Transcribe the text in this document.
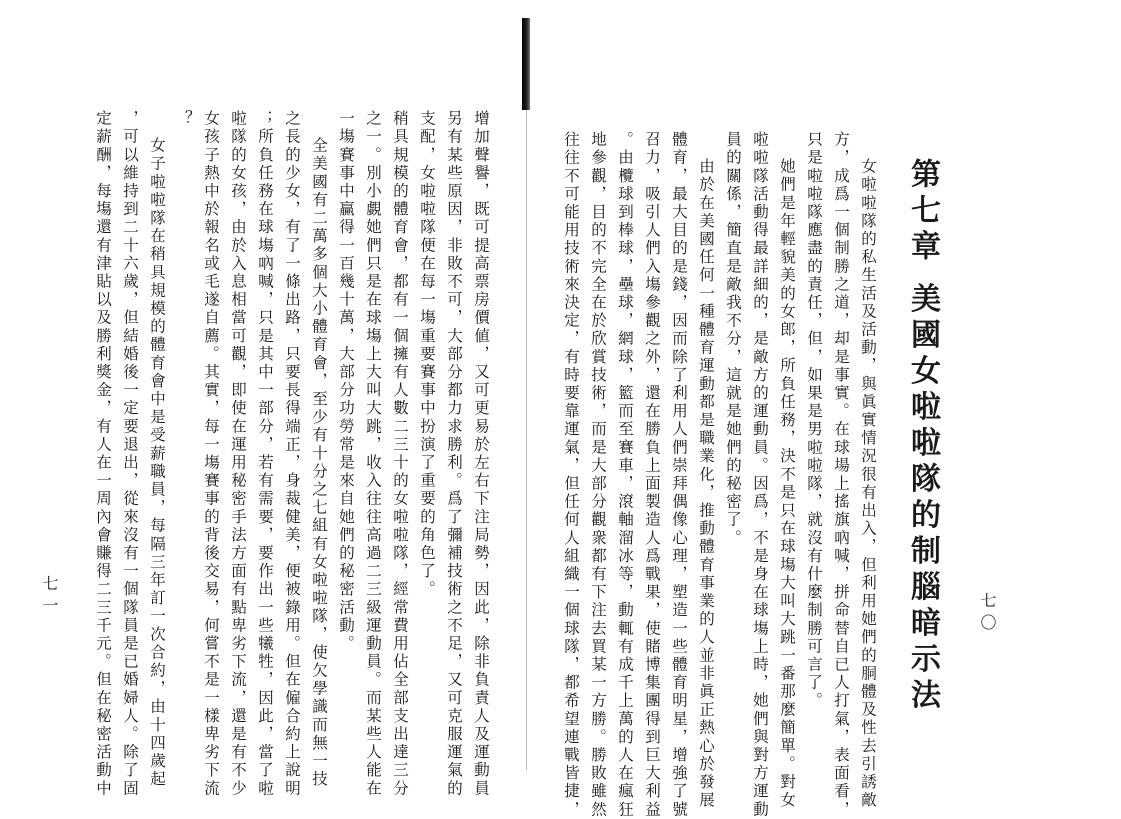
增加聲譽，既可提高票房價値，又可更易於左右下注局勢，因此，除非負責人及運動員
另有某些原因，非敗不可，大部分都力求勝利。爲了彌補技術之不足，又可克服運氣的
支配，女啦啦隊便在每一塲重要賽事中扮演了重要的角色了。
稍具規模的體育會，都有一個擁有人數二三十的女啦啦隊，經常費用佔全部支出達三分
之一。別小覷她們只是在球塲上大叫大跳，收入往往高過二三級運動員。而某些人能在
一塲賽事中贏得一百幾十萬，大部分功勞常是來自她們的秘密活動。
全美國有二萬多個大小體育會，至少有十分之七組有女啦啦隊，使欠學識而無一技
之長的少女，有了一條出路，只要長得端正，身裁健美，便被錄用。但在僱合約上說明
；所負任務在球塲吶喊，只是其中一部分，若有需要，要作出一些犧牲，因此，當了啦
啦隊的女孩，由於入息相當可觀，即使在運用秘密手法方面有點卑劣下流，還是有不少
女孩子熱中於報名或毛遂自薦。其實，每一塲賽事的背後交易，何嘗不是一樣卑劣下流
？
女子啦啦隊在稍具規模的體育會中是受薪職員，每隔三年訂一次合約，由十四歲起
，可以維持到二十六歲，但結婚後一定要退出，從來沒有一個隊員是已婚婦人。除了固
定薪酬，每塲還有津貼以及勝利獎金，有人在一周內會賺得二三千元。但在秘密活動中
七一	七〇
第七章 美國女啦啦隊的制腦暗示法
女啦啦隊的私生活及活動，與眞實情況很有出入，但利用她們的胴體及性去引誘敵
方，成爲一個制勝之道，却是事實。在球場上搖旗吶喊，拼命替自已人打氣，表面看，
只是啦啦隊應盡的責任，但，如果是男啦啦隊，就沒有什麼制勝可言了。
她們是年輕貌美的女郎，所負任務，決不是只在球塲大叫大跳一番那麼簡單。對女
啦啦隊活動得最詳細的，是敵方的運動員。因爲，不是身在球塲上時，她們與對方運動
員的關係，簡直是敵我不分，這就是她們的秘密了。
由於在美國任何一種體育運動都是職業化，推動體育事業的人並非眞正熱心於發展
體育，最大目的是錢，因而除了利用人們崇拜偶像心理，塑造一些體育明星，增強了號
召力，吸引人們入塲參觀之外，還在勝負上面製造人爲戰果，使賭博集團得到巨大利益
。由欖球到棒球，壘球，網球，籃而至賽車，滾軸溜冰等，動輒有成千上萬的人在瘋狂
地參觀，目的不完全在於欣賞技術，而是大部分觀衆都有下注去買某一方勝。勝敗雖然
往往不可能用技術來決定，有時要靠運氣，但任何人組織一個球隊，都希望連戰皆捷，
